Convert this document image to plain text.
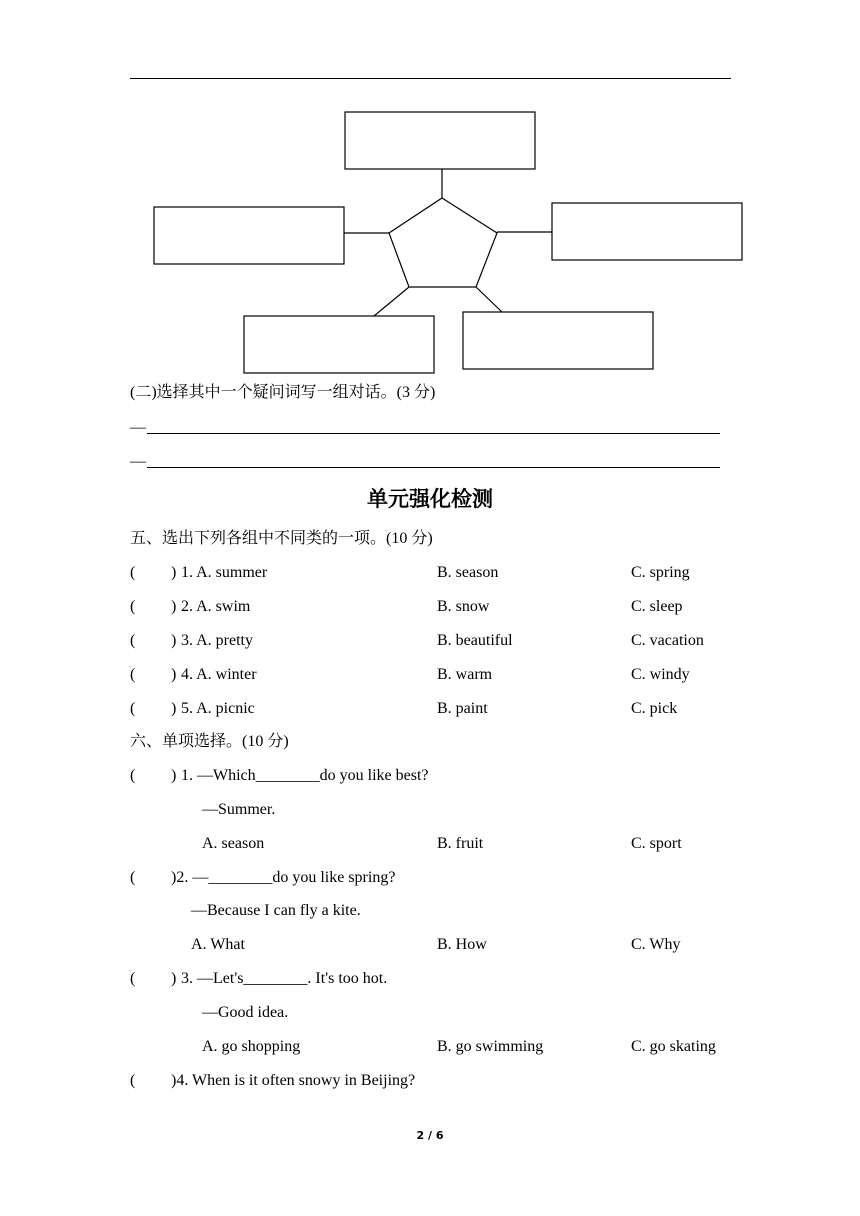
(二)选择其中一个疑问词写一组对话。(3 分)
—
—
单元强化检测
五、选出下列各组中不同类的一项。(10 分)
( ) 1. A. summer	B. season	C. spring
( ) 2. A. swim	B. snow	C. sleep
( ) 3. A. pretty	B. beautiful	C. vacation
( ) 4. A. winter	B. warm	C. windy
( ) 5. A. picnic	B. paint	C. pick
六、单项选择。(10 分)
( ) 1. —Which________do you like best?
—Summer.
A. season	B. fruit	C. sport
( )2. —________do you like spring?
—Because I can fly a kite.
A. What	B. How	C. Why
( ) 3. —Let's________. It's too hot.
—Good idea.
A. go shopping	B. go swimming	C. go skating
( )4. When is it often snowy in Beijing?
2 / 6
